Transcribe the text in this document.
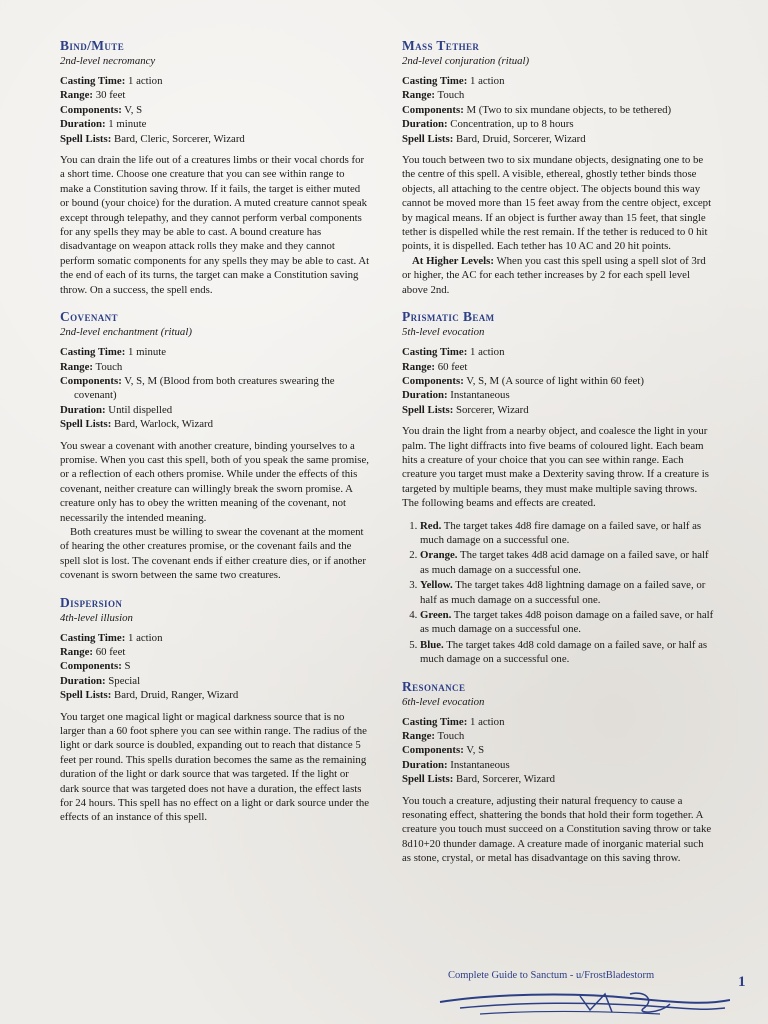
Bind/Mute
2nd-level necromancy
Casting Time: 1 action
Range: 30 feet
Components: V, S
Duration: 1 minute
Spell Lists: Bard, Cleric, Sorcerer, Wizard

You can drain the life out of a creatures limbs or their vocal chords for a short time. Choose one creature that you can see within range to make a Constitution saving throw. If it fails, the target is either muted or bound (your choice) for the duration. A muted creature cannot speak except through telepathy, and they cannot perform verbal components for any spells they may be able to cast. A bound creature has disadvantage on weapon attack rolls they make and they cannot perform somatic components for any spells they may be able to cast. At the end of each of its turns, the target can make a Constitution saving throw. On a success, the spell ends.

Covenant
2nd-level enchantment (ritual)
Casting Time: 1 minute
Range: Touch
Components: V, S, M (Blood from both creatures swearing the covenant)
Duration: Until dispelled
Spell Lists: Bard, Warlock, Wizard

You swear a covenant with another creature, binding yourselves to a promise. When you cast this spell, both of you speak the same promise, or a reflection of each others promise. While under the effects of this covenant, neither creature can willingly break the sworn promise. A creature only has to obey the written meaning of the covenant, not necessarily the intended meaning.

Both creatures must be willing to swear the covenant at the moment of hearing the other creatures promise, or the covenant fails and the spell slot is lost. The covenant ends if either creature dies, or if another covenant is sworn between the same two creatures.

Dispersion
4th-level illusion
Casting Time: 1 action
Range: 60 feet
Components: S
Duration: Special
Spell Lists: Bard, Druid, Ranger, Wizard

You target one magical light or magical darkness source that is no larger than a 60 foot sphere you can see within range. The radius of the light or dark source is doubled, expanding out to reach that distance 5 feet per round. This spells duration becomes the same as the remaining duration of the light or dark source that was targeted. If the light or dark source that was targeted does not have a duration, the effect lasts for 24 hours. This spell has no effect on a light or dark source under the effects of an instance of this spell.

Mass Tether
2nd-level conjuration (ritual)
Casting Time: 1 action
Range: Touch
Components: M (Two to six mundane objects, to be tethered)
Duration: Concentration, up to 8 hours
Spell Lists: Bard, Druid, Sorcerer, Wizard

You touch between two to six mundane objects, designating one to be the centre of this spell. A visible, ethereal, ghostly tether binds those objects, all attaching to the centre object. The objects bound this way cannot be moved more than 15 feet away from the centre object, except by magical means. If an object is further away than 15 feet, that single tether is dispelled while the rest remain. If the tether is reduced to 0 hit points, it is dispelled. Each tether has 10 AC and 20 hit points.

At Higher Levels: When you cast this spell using a spell slot of 3rd or higher, the AC for each tether increases by 2 for each spell level above 2nd.

Prismatic Beam
5th-level evocation
Casting Time: 1 action
Range: 60 feet
Components: V, S, M (A source of light within 60 feet)
Duration: Instantaneous
Spell Lists: Sorcerer, Wizard

You drain the light from a nearby object, and coalesce the light in your palm. The light diffracts into five beams of coloured light. Each beam hits a creature of your choice that you can see within range. Each creature you target must make a Dexterity saving throw. If a creature is targeted by multiple beams, they must make multiple saving throws. The following beams and effects are created.

1. Red. The target takes 4d8 fire damage on a failed save, or half as much damage on a successful one.
2. Orange. The target takes 4d8 acid damage on a failed save, or half as much damage on a successful one.
3. Yellow. The target takes 4d8 lightning damage on a failed save, or half as much damage on a successful one.
4. Green. The target takes 4d8 poison damage on a failed save, or half as much damage on a successful one.
5. Blue. The target takes 4d8 cold damage on a failed save, or half as much damage on a successful one.
Resonance
6th-level evocation
Casting Time: 1 action
Range: Touch
Components: V, S
Duration: Instantaneous
Spell Lists: Bard, Sorcerer, Wizard

You touch a creature, adjusting their natural frequency to cause a resonating effect, shattering the bonds that hold their form together. A creature you touch must succeed on a Constitution saving throw or take 8d10+20 thunder damage. A creature made of inorganic material such as stone, crystal, or metal has disadvantage on this saving throw.

Complete Guide to Sanctum - u/FrostBladestorm	1
